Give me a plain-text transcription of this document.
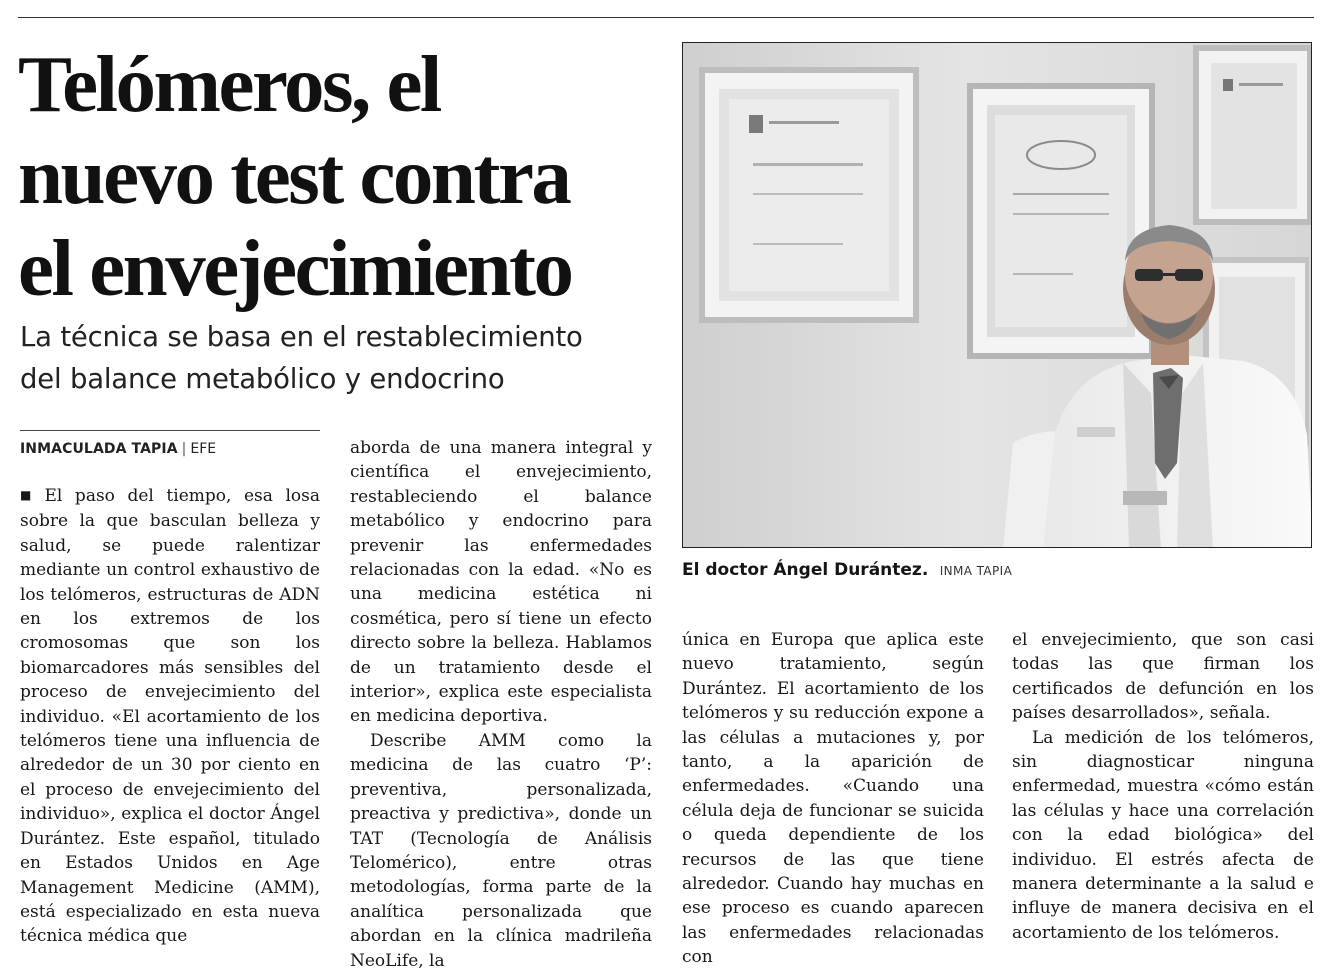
Telómeros, el
nuevo test contra
el envejecimiento
La técnica se basa en el restablecimiento
del balance metabólico y endocrino
INMACULADA TAPIA | EFE

■ El paso del tiempo, esa losa sobre la que basculan belleza y salud, se puede ralentizar mediante un control exhaustivo de los telómeros, estructuras de ADN en los extremos de los cromosomas que son los biomarcadores más sensibles del proceso de envejecimiento del individuo. «El acortamiento de los telómeros tiene una influencia de alrededor de un 30 por ciento en el proceso de envejecimiento del individuo», explica el doctor Ángel Durántez. Este español, titulado en Estados Unidos en Age Management Medicine (AMM), está especializado en esta nueva técnica médica que

aborda de una manera integral y científica el envejecimiento, restableciendo el balance metabólico y endocrino para prevenir las enfermedades relacionadas con la edad. «No es una medicina estética ni cosmética, pero sí tiene un efecto directo sobre la belleza. Hablamos de un tratamiento desde el interior», explica este especialista en medicina deportiva.

Describe AMM como la medicina de las cuatro ‘P’: preventiva, personalizada, preactiva y predictiva», donde un TAT (Tecnología de Análisis Telomérico), entre otras metodologías, forma parte de la analítica personalizada que abordan en la clínica madrileña NeoLife, la

El doctor Ángel Durántez. INMA TAPIA

única en Europa que aplica este nuevo tratamiento, según Durántez. El acortamiento de los telómeros y su reducción expone a las células a mutaciones y, por tanto, a la aparición de enfermedades. «Cuando una célula deja de funcionar se suicida o queda dependiente de los recursos de las que tiene alrededor. Cuando hay muchas en ese proceso es cuando aparecen las enfermedades relacionadas con

el envejecimiento, que son casi todas las que firman los certificados de defunción en los países desarrollados», señala.

La medición de los telómeros, sin diagnosticar ninguna enfermedad, muestra «cómo están las células y hace una correlación con la edad biológica» del individuo. El estrés afecta de manera determinante a la salud e influye de manera decisiva en el acortamiento de los telómeros.
